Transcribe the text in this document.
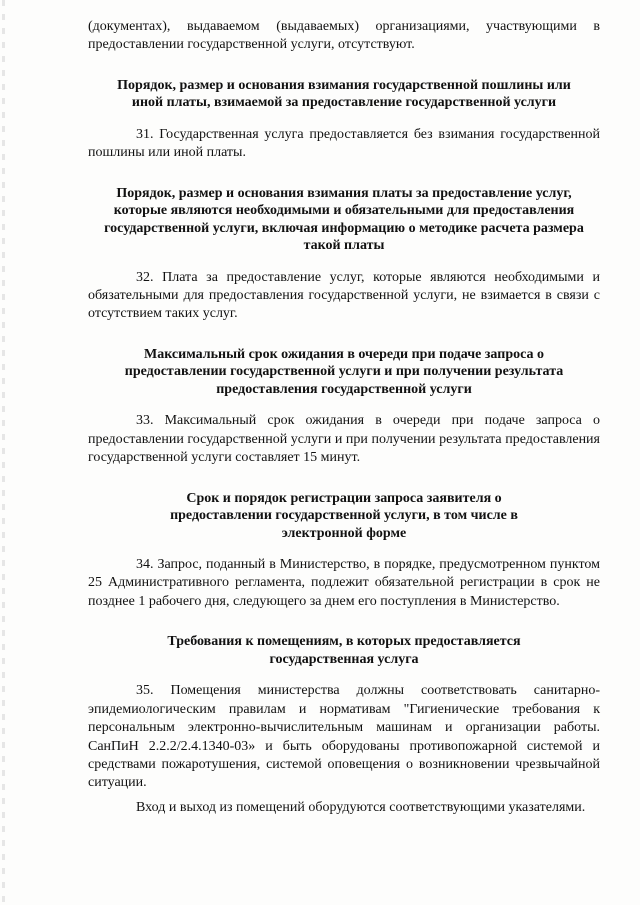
(документах), выдаваемом (выдаваемых) организациями, участвующими в предоставлении государственной услуги, отсутствуют.

Порядок, размер и основания взимания государственной пошлины или иной платы, взимаемой за предоставление государственной услуги

31. Государственная услуга предоставляется без взимания государственной пошлины или иной платы.

Порядок, размер и основания взимания платы за предоставление услуг, которые являются необходимыми и обязательными для предоставления государственной услуги, включая информацию о методике расчета размера такой платы

32. Плата за предоставление услуг, которые являются необходимыми и обязательными для предоставления государственной услуги, не взимается в связи с отсутствием таких услуг.

Максимальный срок ожидания в очереди при подаче запроса о предоставлении государственной услуги и при получении результата предоставления государственной услуги

33. Максимальный срок ожидания в очереди при подаче запроса о предоставлении государственной услуги и при получении результата предоставления государственной услуги составляет 15 минут.

Срок и порядок регистрации запроса заявителя о предоставлении государственной услуги, в том числе в электронной форме

34. Запрос, поданный в Министерство, в порядке, предусмотренном пунктом 25 Административного регламента, подлежит обязательной регистрации в срок не позднее 1 рабочего дня, следующего за днем его поступления в Министерство.

Требования к помещениям, в которых предоставляется государственная услуга

35. Помещения министерства должны соответствовать санитарно-эпидемиологическим правилам и нормативам "Гигиенические требования к персональным электронно-вычислительным машинам и организации работы. СанПиН 2.2.2/2.4.1340-03» и быть оборудованы противопожарной системой и средствами пожаротушения, системой оповещения о возникновении чрезвычайной ситуации.

Вход и выход из помещений оборудуются соответствующими указателями.
